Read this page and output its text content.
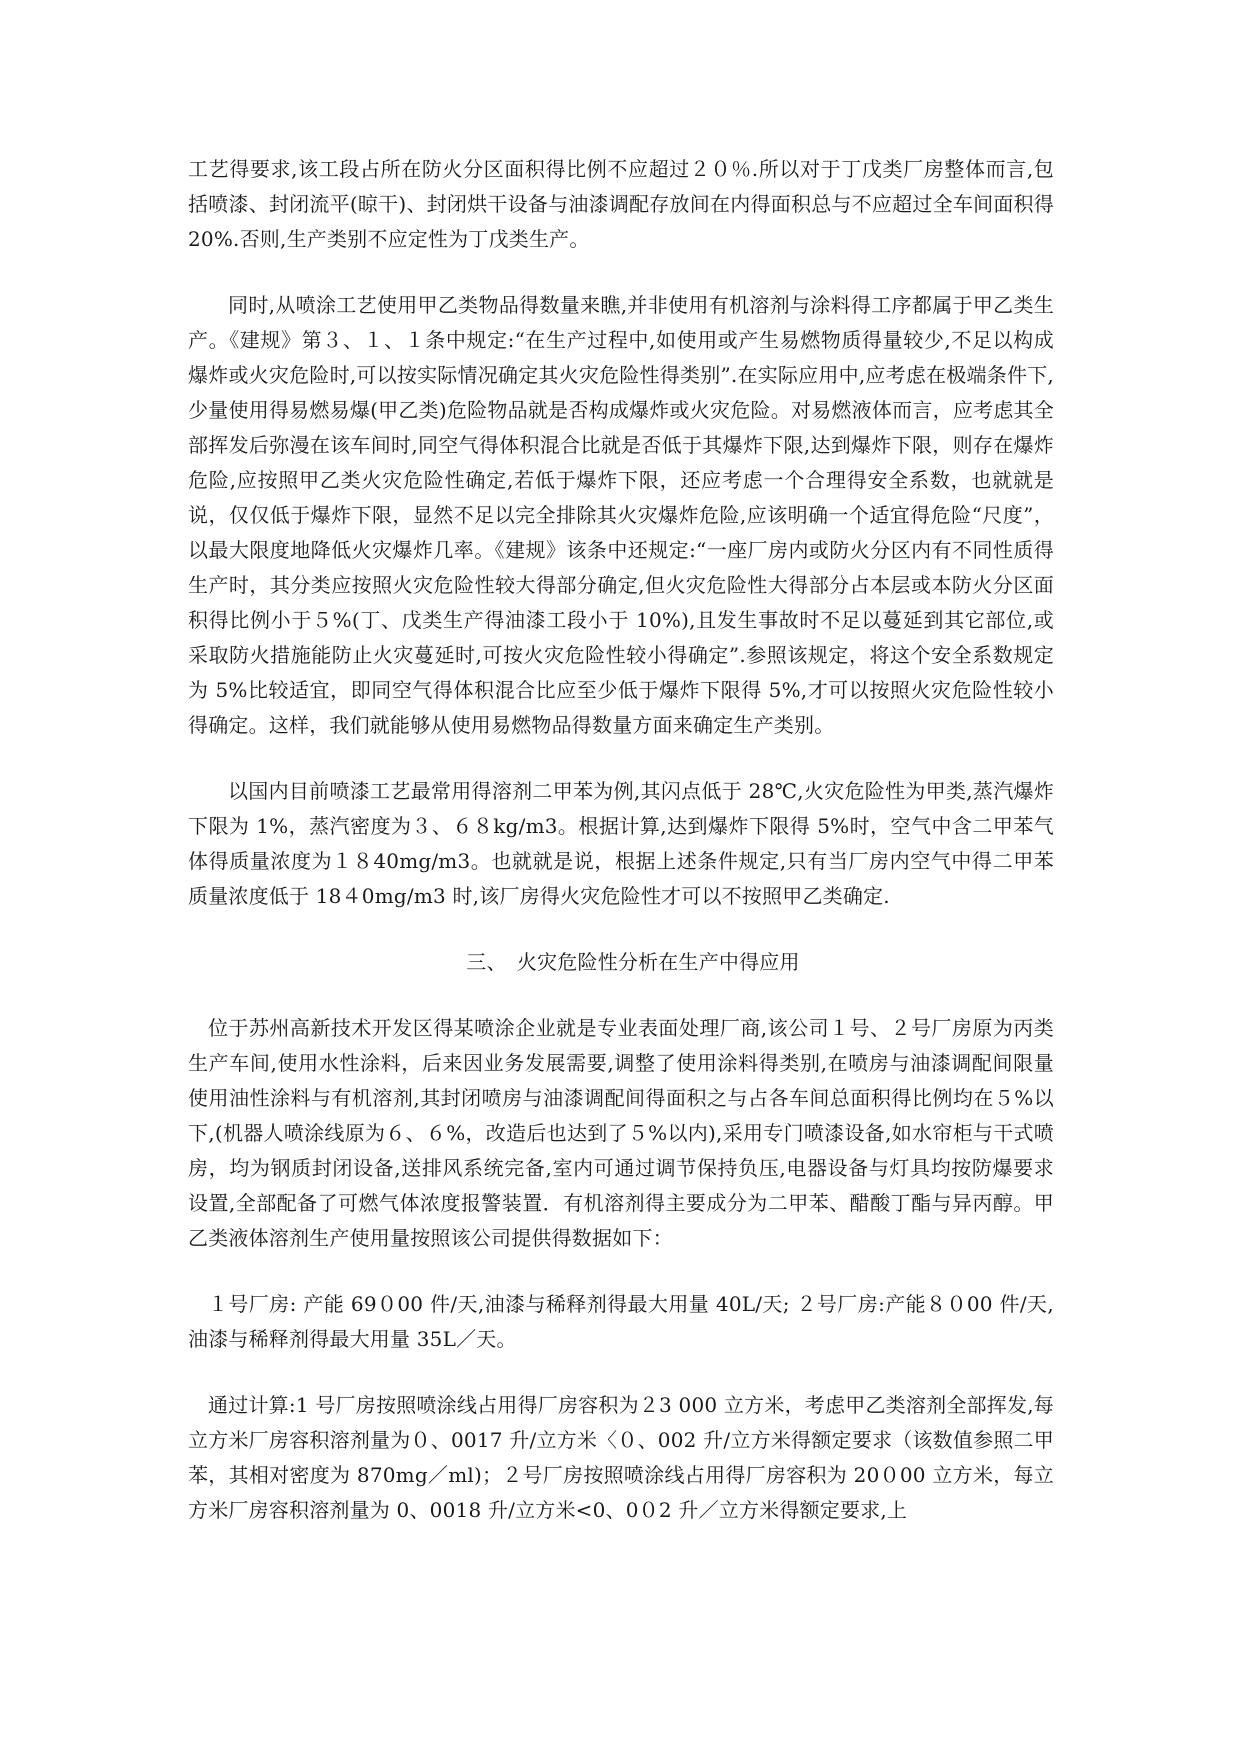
工艺得要求,该工段占所在防火分区面积得比例不应超过２０％.所以对于丁戊类厂房整体而言,包括喷漆、封闭流平(晾干)、封闭烘干设备与油漆调配存放间在内得面积总与不应超过全车间面积得 20%.否则,生产类别不应定性为丁戊类生产。

同时,从喷涂工艺使用甲乙类物品得数量来瞧,并非使用有机溶剂与涂料得工序都属于甲乙类生产。《建规》第３、１、１条中规定:“在生产过程中,如使用或产生易燃物质得量较少,不足以构成爆炸或火灾危险时,可以按实际情况确定其火灾危险性得类别”.在实际应用中,应考虑在极端条件下,少量使用得易燃易爆(甲乙类)危险物品就是否构成爆炸或火灾危险。对易燃液体而言，应考虑其全部挥发后弥漫在该车间时,同空气得体积混合比就是否低于其爆炸下限,达到爆炸下限，则存在爆炸危险,应按照甲乙类火灾危险性确定,若低于爆炸下限，还应考虑一个合理得安全系数，也就就是说，仅仅低于爆炸下限，显然不足以完全排除其火灾爆炸危险,应该明确一个适宜得危险“尺度”，以最大限度地降低火灾爆炸几率。《建规》该条中还规定:“一座厂房内或防火分区内有不同性质得生产时，其分类应按照火灾危险性较大得部分确定,但火灾危险性大得部分占本层或本防火分区面积得比例小于５%(丁、戊类生产得油漆工段小于 10%),且发生事故时不足以蔓延到其它部位,或采取防火措施能防止火灾蔓延时,可按火灾危险性较小得确定”.参照该规定，将这个安全系数规定为 5%比较适宜，即同空气得体积混合比应至少低于爆炸下限得 5%,才可以按照火灾危险性较小得确定。这样，我们就能够从使用易燃物品得数量方面来确定生产类别。

以国内目前喷漆工艺最常用得溶剂二甲苯为例,其闪点低于 28℃,火灾危险性为甲类,蒸汽爆炸下限为 1%，蒸汽密度为３、６８kg/m3。根据计算,达到爆炸下限得 5%时，空气中含二甲苯气体得质量浓度为１８40mg/m3。也就就是说，根据上述条件规定,只有当厂房内空气中得二甲苯质量浓度低于 18４0mg/m3 时,该厂房得火灾危险性才可以不按照甲乙类确定.

三、　火灾危险性分析在生产中得应用

位于苏州高新技术开发区得某喷涂企业就是专业表面处理厂商,该公司１号、２号厂房原为丙类生产车间,使用水性涂料，后来因业务发展需要,调整了使用涂料得类别,在喷房与油漆调配间限量使用油性涂料与有机溶剂,其封闭喷房与油漆调配间得面积之与占各车间总面积得比例均在５%以下,(机器人喷涂线原为６、６%，改造后也达到了５%以内),采用专门喷漆设备,如水帘柜与干式喷房，均为钢质封闭设备,送排风系统完备,室内可通过调节保持负压,电器设备与灯具均按防爆要求设置,全部配备了可燃气体浓度报警装置．有机溶剂得主要成分为二甲苯、醋酸丁酯与异丙醇。甲乙类液体溶剂生产使用量按照该公司提供得数据如下：

１号厂房: 产能 69０00 件/天,油漆与稀释剂得最大用量 40L/天; ２号厂房:产能８０00 件/天,油漆与稀释剂得最大用量 35L／天。

通过计算:1 号厂房按照喷涂线占用得厂房容积为２3 000 立方米，考虑甲乙类溶剂全部挥发,每立方米厂房容积溶剂量为０、0017 升/立方米〈０、002 升/立方米得额定要求（该数值参照二甲苯，其相对密度为 870mg／ml)；２号厂房按照喷涂线占用得厂房容积为 20０00 立方米，每立方米厂房容积溶剂量为 0、0018 升/立方米<0、0０2 升／立方米得额定要求,上
